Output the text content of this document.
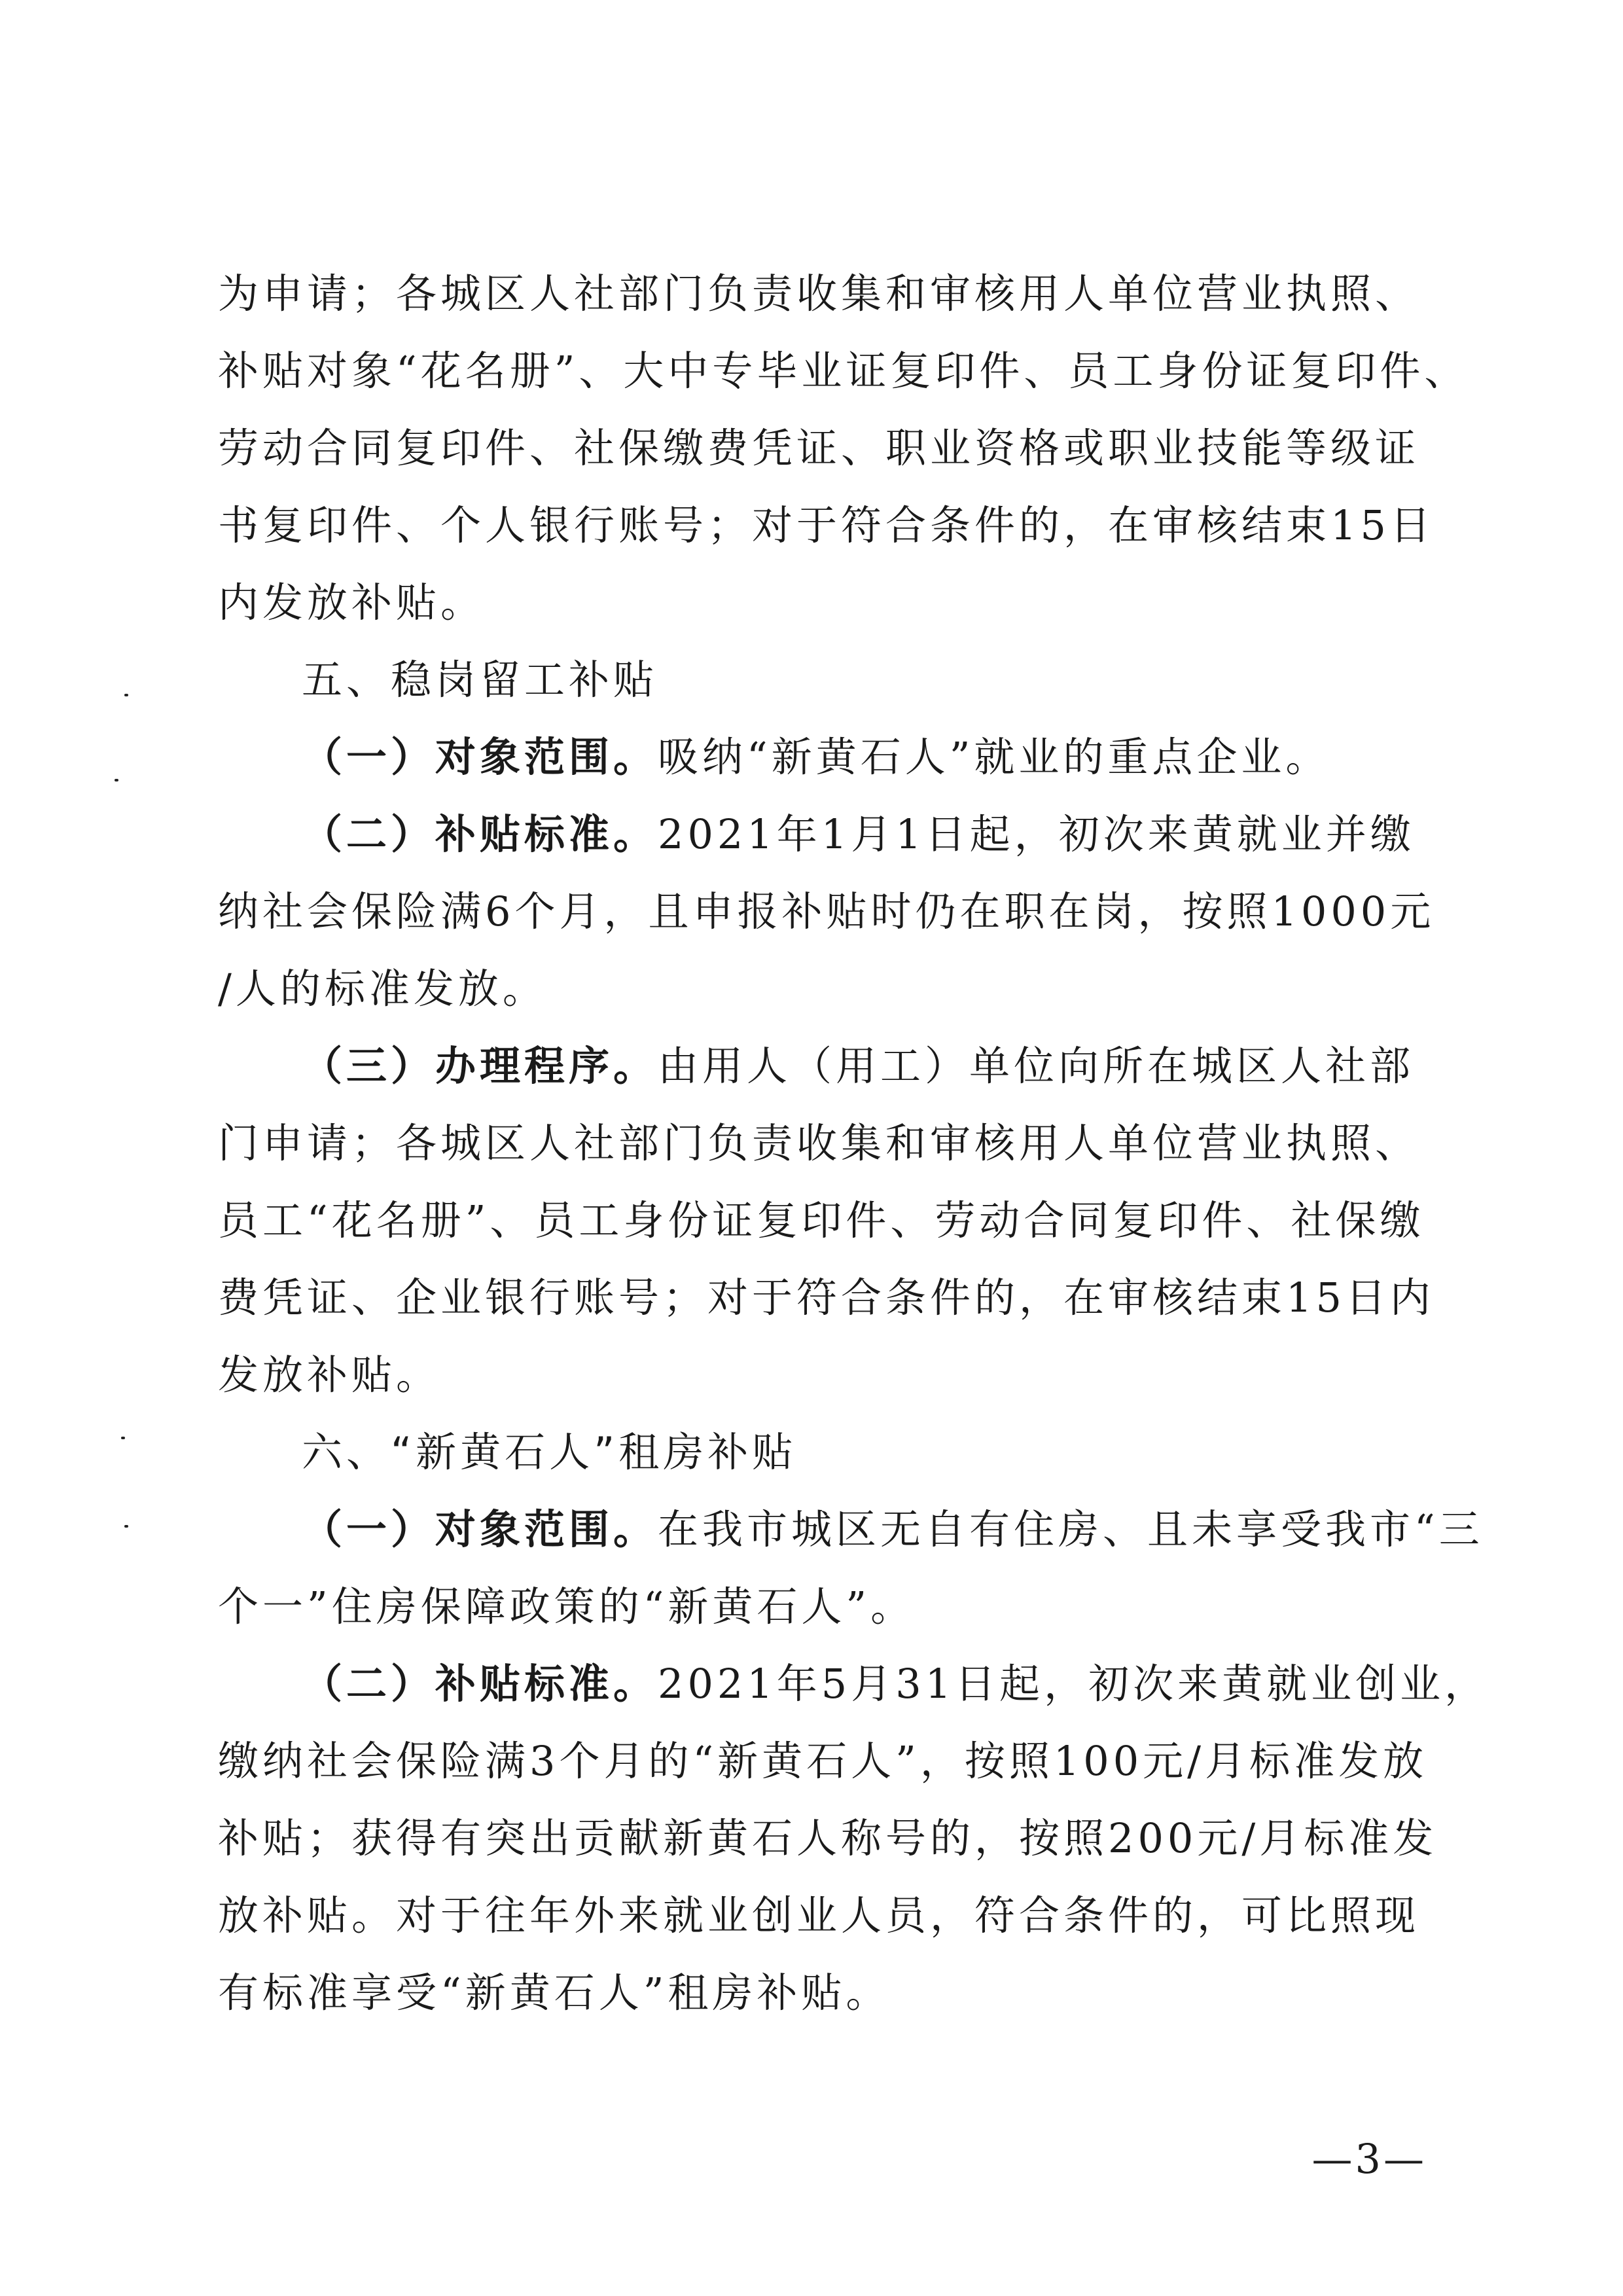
为申请；各城区人社部门负责收集和审核用人单位营业执照、
补贴对象“花名册”、大中专毕业证复印件、员工身份证复印件、
劳动合同复印件、社保缴费凭证、职业资格或职业技能等级证
书复印件、个人银行账号；对于符合条件的，在审核结束15日
内发放补贴。
五、稳岗留工补贴
（一）对象范围。吸纳“新黄石人”就业的重点企业。
（二）补贴标准。2021年1月1日起，初次来黄就业并缴
纳社会保险满6个月，且申报补贴时仍在职在岗，按照1000元
/人的标准发放。
（三）办理程序。由用人（用工）单位向所在城区人社部
门申请；各城区人社部门负责收集和审核用人单位营业执照、
员工“花名册”、员工身份证复印件、劳动合同复印件、社保缴
费凭证、企业银行账号；对于符合条件的，在审核结束15日内
发放补贴。
六、“新黄石人”租房补贴
（一）对象范围。在我市城区无自有住房、且未享受我市“三
个一”住房保障政策的“新黄石人”。
（二）补贴标准。2021年5月31日起，初次来黄就业创业，
缴纳社会保险满3个月的“新黄石人”，按照100元/月标准发放
补贴；获得有突出贡献新黄石人称号的，按照200元/月标准发
放补贴。对于往年外来就业创业人员，符合条件的，可比照现
有标准享受“新黄石人”租房补贴。
—3—
